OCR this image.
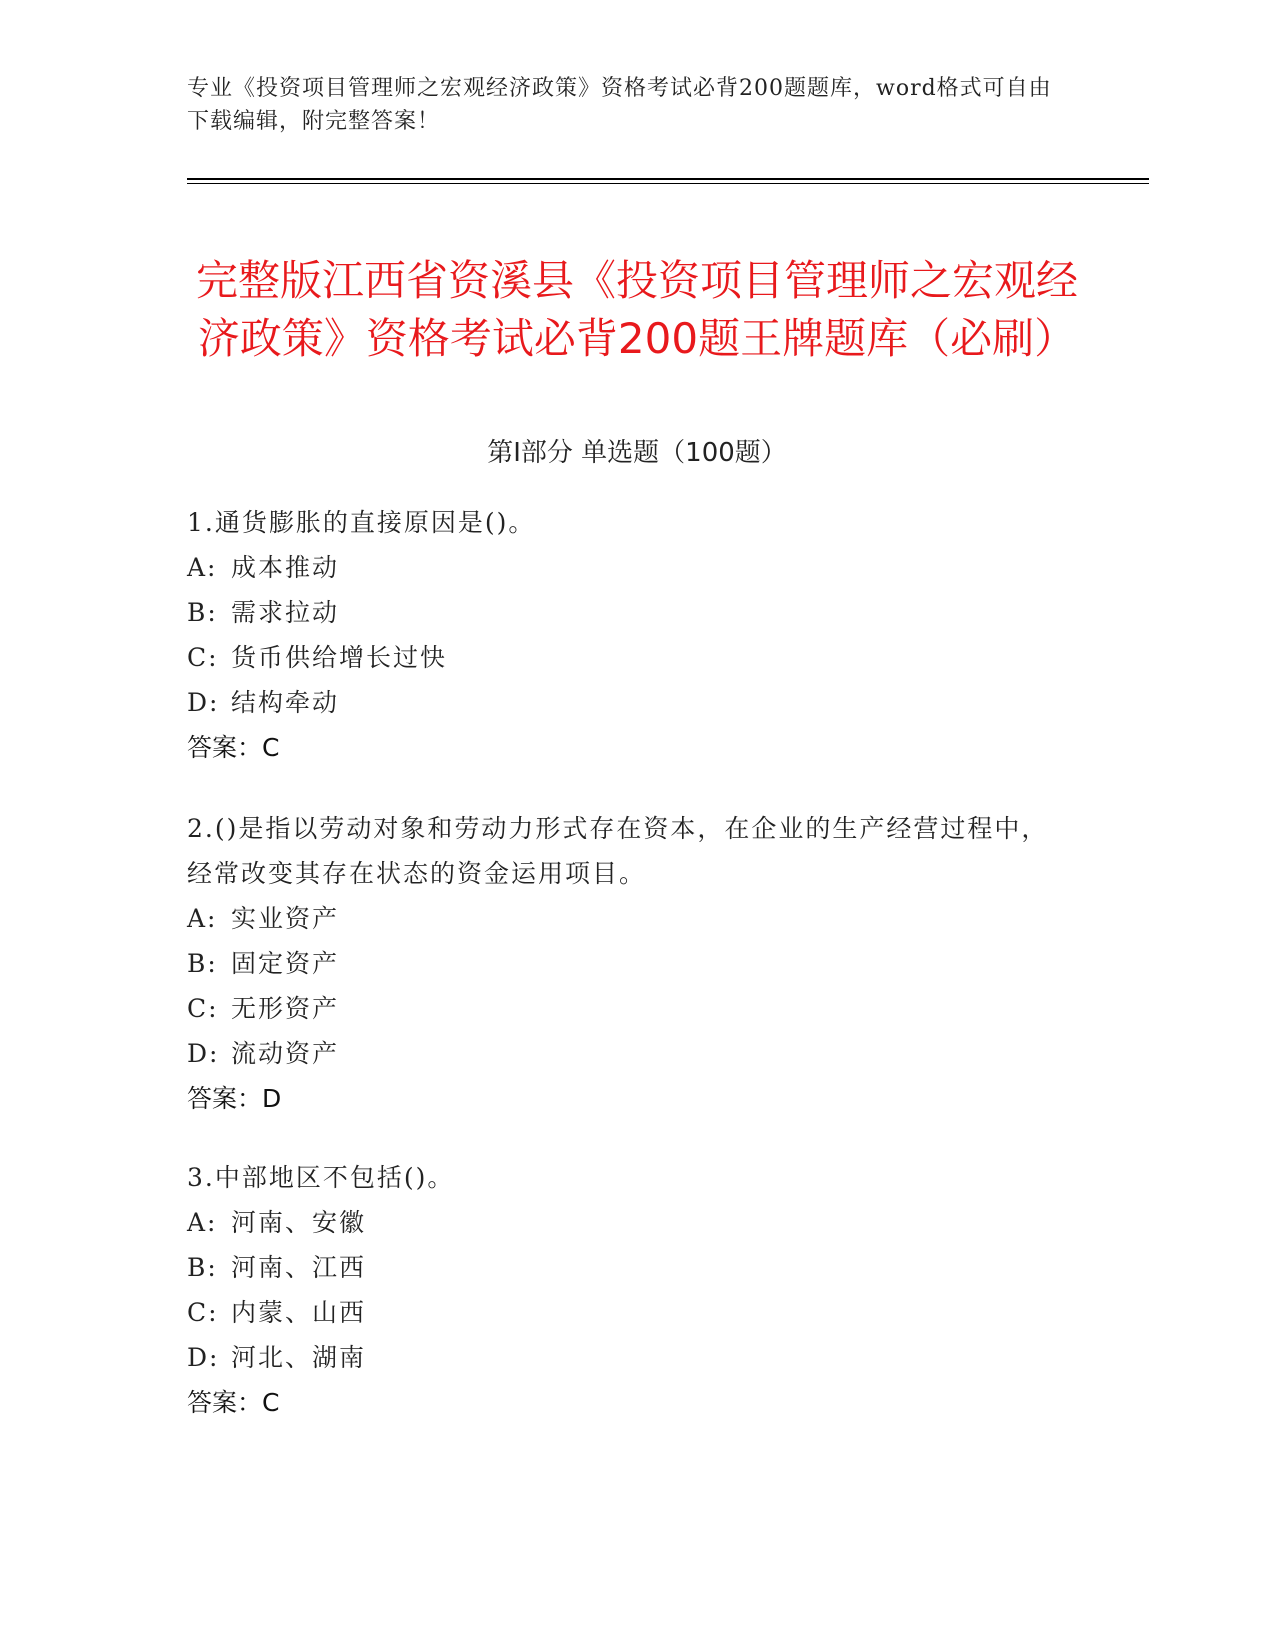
专业《投资项目管理师之宏观经济政策》资格考试必背200题题库，word格式可自由下载编辑，附完整答案！
完整版江西省资溪县《投资项目管理师之宏观经济政策》资格考试必背200题王牌题库（必刷）
第Ⅰ部分 单选题（100题）
1.通货膨胀的直接原因是()。
A: 成本推动
B: 需求拉动
C: 货币供给增长过快
D: 结构牵动
答案：C
2.()是指以劳动对象和劳动力形式存在资本，在企业的生产经营过程中，经常改变其存在状态的资金运用项目。
A: 实业资产
B: 固定资产
C: 无形资产
D: 流动资产
答案：D
3.中部地区不包括()。
A: 河南、安徽
B: 河南、江西
C: 内蒙、山西
D: 河北、湖南
答案：C
